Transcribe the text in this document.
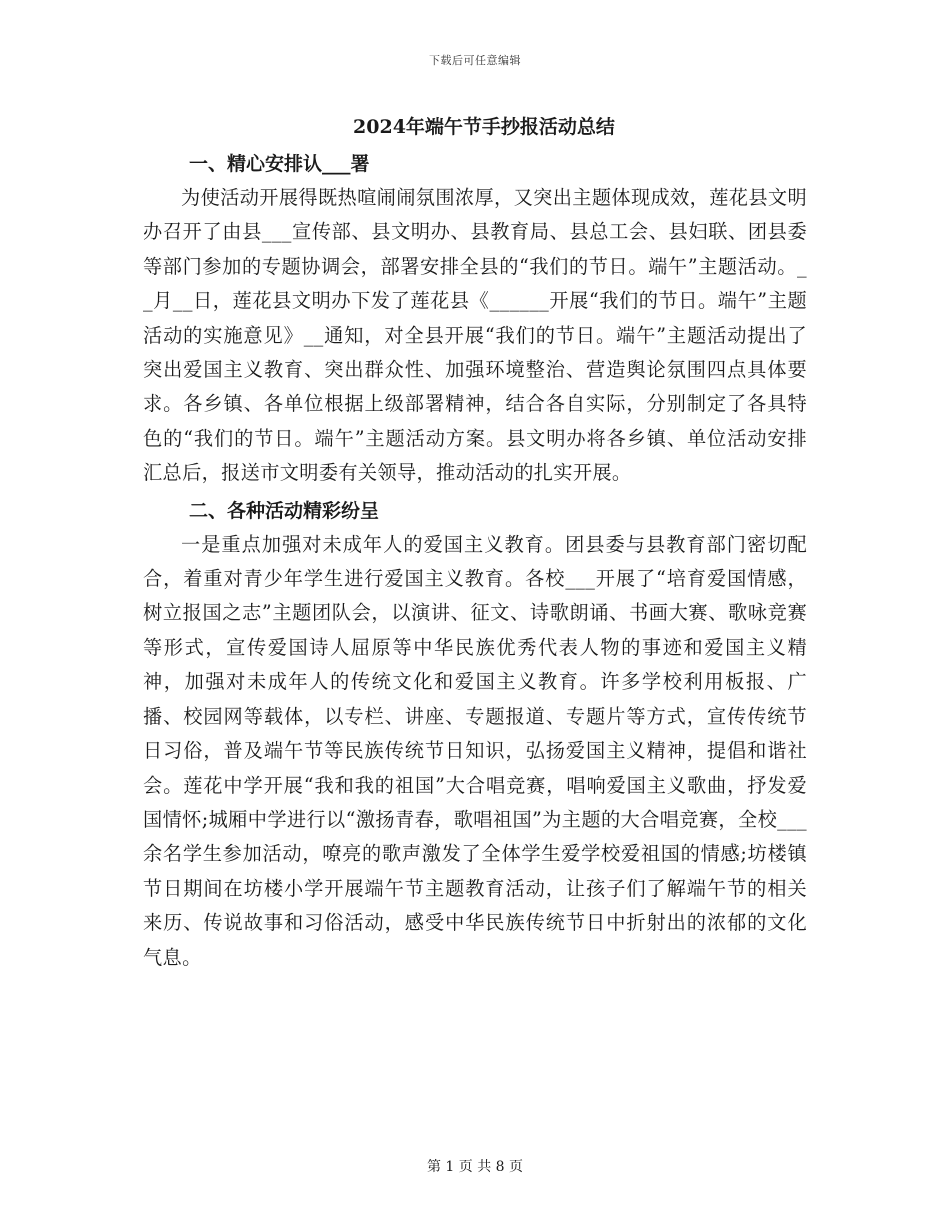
下载后可任意编辑
2024年端午节手抄报活动总结
一、精心安排认___署

为使活动开展得既热喧闹闹氛围浓厚，又突出主题体现成效，莲花县文明办召开了由县___宣传部、县文明办、县教育局、县总工会、县妇联、团县委等部门参加的专题协调会，部署安排全县的“我们的节日。端午”主题活动。__月__日，莲花县文明办下发了莲花县《______开展“我们的节日。端午”主题活动的实施意见》__通知，对全县开展“我们的节日。端午”主题活动提出了突出爱国主义教育、突出群众性、加强环境整治、营造舆论氛围四点具体要求。各乡镇、各单位根据上级部署精神，结合各自实际，分别制定了各具特色的“我们的节日。端午”主题活动方案。县文明办将各乡镇、单位活动安排汇总后，报送市文明委有关领导，推动活动的扎实开展。

二、各种活动精彩纷呈

一是重点加强对未成年人的爱国主义教育。团县委与县教育部门密切配合，着重对青少年学生进行爱国主义教育。各校___开展了“培育爱国情感，树立报国之志”主题团队会，以演讲、征文、诗歌朗诵、书画大赛、歌咏竞赛等形式，宣传爱国诗人屈原等中华民族优秀代表人物的事迹和爱国主义精神，加强对未成年人的传统文化和爱国主义教育。许多学校利用板报、广播、校园网等载体，以专栏、讲座、专题报道、专题片等方式，宣传传统节日习俗，普及端午节等民族传统节日知识，弘扬爱国主义精神，提倡和谐社会。莲花中学开展“我和我的祖国”大合唱竞赛，唱响爱国主义歌曲，抒发爱国情怀;城厢中学进行以“激扬青春，歌唱祖国”为主题的大合唱竞赛，全校___余名学生参加活动，嘹亮的歌声激发了全体学生爱学校爱祖国的情感;坊楼镇节日期间在坊楼小学开展端午节主题教育活动，让孩子们了解端午节的相关来历、传说故事和习俗活动，感受中华民族传统节日中折射出的浓郁的文化气息。

第 1 页 共 8 页
